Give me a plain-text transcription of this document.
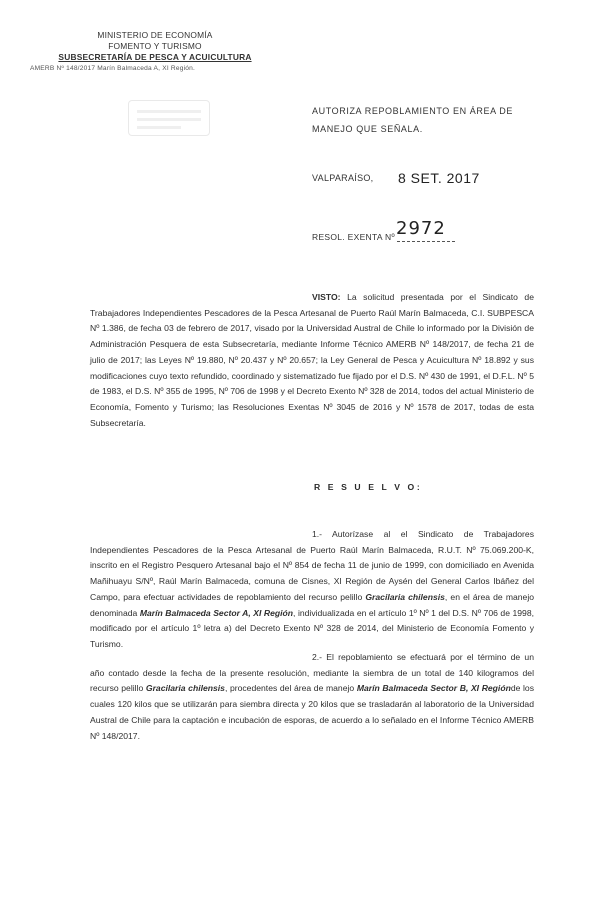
MINISTERIO DE ECONOMÍA
FOMENTO Y TURISMO
SUBSECRETARÍA DE PESCA Y ACUICULTURA
AMERB Nº 148/2017 Marín Balmaceda A, XI Región.
AUTORIZA REPOBLAMIENTO EN ÁREA DE MANEJO QUE SEÑALA.
VALPARAÍSO, 8 SET. 2017
RESOL. EXENTA Nº 2972

VISTO: La solicitud presentada por el Sindicato de Trabajadores Independientes Pescadores de la Pesca Artesanal de Puerto Raúl Marín Balmaceda, C.I. SUBPESCA Nº 1.386, de fecha 03 de febrero de 2017, visado por la Universidad Austral de Chile lo informado por la División de Administración Pesquera de esta Subsecretaría, mediante Informe Técnico AMERB Nº 148/2017, de fecha 21 de julio de 2017; las Leyes Nº 19.880, Nº 20.437 y Nº 20.657; la Ley General de Pesca y Acuicultura Nº 18.892 y sus modificaciones cuyo texto refundido, coordinado y sistematizado fue fijado por el D.S. Nº 430 de 1991, el D.F.L. Nº 5 de 1983, el D.S. Nº 355 de 1995, Nº 706 de 1998 y el Decreto Exento Nº 328 de 2014, todos del actual Ministerio de Economía, Fomento y Turismo; las Resoluciones Exentas Nº 3045 de 2016 y Nº 1578 de 2017, todas de esta Subsecretaría.

R E S U E L V O:

1.- Autorízase al el Sindicato de Trabajadores Independientes Pescadores de la Pesca Artesanal de Puerto Raúl Marín Balmaceda, R.U.T. Nº 75.069.200-K, inscrito en el Registro Pesquero Artesanal bajo el Nº 854 de fecha 11 de junio de 1999, con domiciliado en Avenida Mañihuayu S/Nº, Raúl Marín Balmaceda, comuna de Cisnes, XI Región de Aysén del General Carlos Ibáñez del Campo, para efectuar actividades de repoblamiento del recurso pelillo Gracilaria chilensis, en el área de manejo denominada Marín Balmaceda Sector A, XI Región, individualizada en el artículo 1º Nº 1 del D.S. Nº 706 de 1998, modificado por el artículo 1º letra a) del Decreto Exento Nº 328 de 2014, del Ministerio de Economía Fomento y Turismo.

2.- El repoblamiento se efectuará por el término de un año contado desde la fecha de la presente resolución, mediante la siembra de un total de 140 kilogramos del recurso pelillo Gracilaria chilensis, procedentes del área de manejo Marín Balmaceda Sector B, XI Regiónde los cuales 120 kilos que se utilizarán para siembra directa y 20 kilos que se trasladarán al laboratorio de la Universidad Austral de Chile para la captación e incubación de esporas, de acuerdo a lo señalado en el Informe Técnico AMERB Nº 148/2017.
